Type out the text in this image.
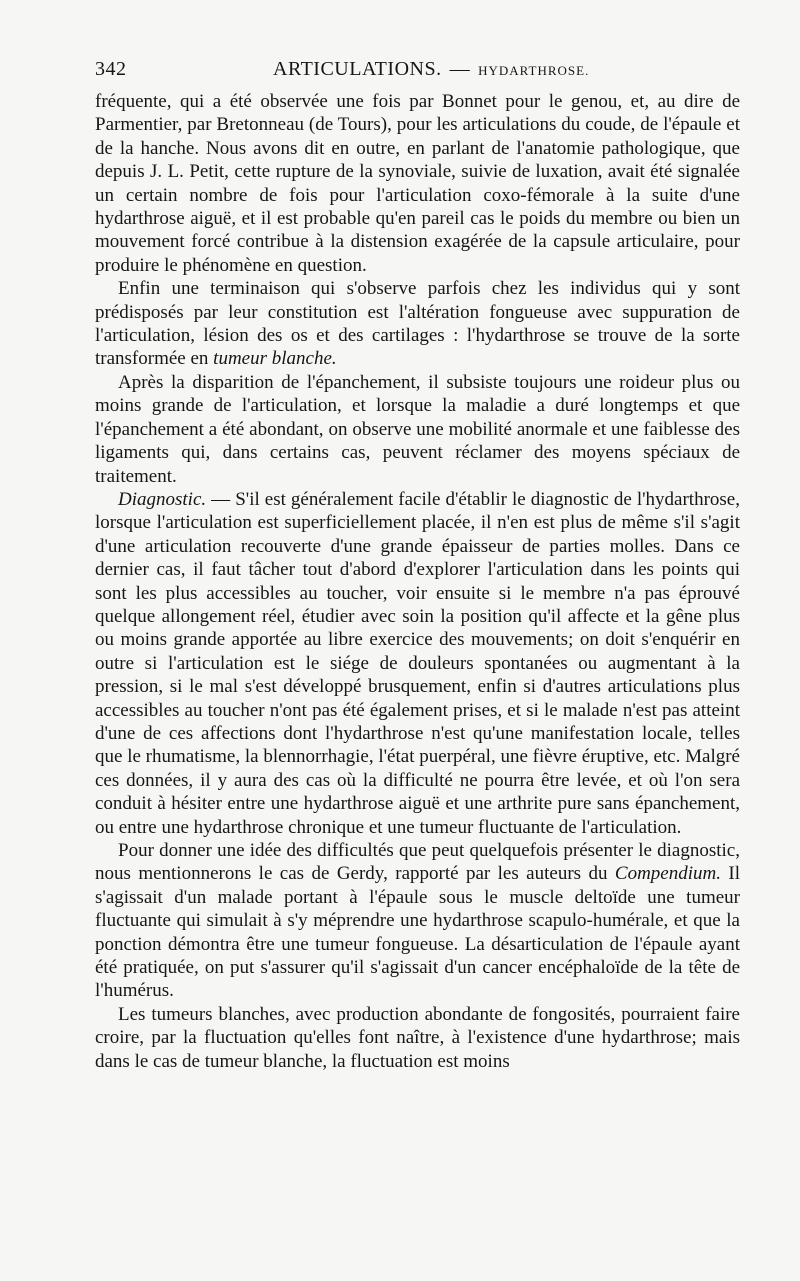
342	ARTICULATIONS. — HYDARTHROSE.

fréquente, qui a été observée une fois par Bonnet pour le genou, et, au dire de Parmentier, par Bretonneau (de Tours), pour les articulations du coude, de l'épaule et de la hanche. Nous avons dit en outre, en parlant de l'anatomie pathologique, que depuis J. L. Petit, cette rupture de la synoviale, suivie de luxation, avait été signalée un certain nombre de fois pour l'articulation coxo-fémorale à la suite d'une hydarthrose aiguë, et il est probable qu'en pareil cas le poids du membre ou bien un mouvement forcé contribue à la distension exagérée de la capsule articulaire, pour produire le phénomène en question.

Enfin une terminaison qui s'observe parfois chez les individus qui y sont prédisposés par leur constitution est l'altération fongueuse avec suppuration de l'articulation, lésion des os et des cartilages : l'hydarthrose se trouve de la sorte transformée en tumeur blanche.

Après la disparition de l'épanchement, il subsiste toujours une roideur plus ou moins grande de l'articulation, et lorsque la maladie a duré longtemps et que l'épanchement a été abondant, on observe une mobilité anormale et une faiblesse des ligaments qui, dans certains cas, peuvent réclamer des moyens spéciaux de traitement.

Diagnostic. — S'il est généralement facile d'établir le diagnostic de l'hydarthrose, lorsque l'articulation est superficiellement placée, il n'en est plus de même s'il s'agit d'une articulation recouverte d'une grande épaisseur de parties molles. Dans ce dernier cas, il faut tâcher tout d'abord d'explorer l'articulation dans les points qui sont les plus accessibles au toucher, voir ensuite si le membre n'a pas éprouvé quelque allongement réel, étudier avec soin la position qu'il affecte et la gêne plus ou moins grande apportée au libre exercice des mouvements; on doit s'enquérir en outre si l'articulation est le siége de douleurs spontanées ou augmentant à la pression, si le mal s'est développé brusquement, enfin si d'autres articulations plus accessibles au toucher n'ont pas été également prises, et si le malade n'est pas atteint d'une de ces affections dont l'hydarthrose n'est qu'une manifestation locale, telles que le rhumatisme, la blennorrhagie, l'état puerpéral, une fièvre éruptive, etc. Malgré ces données, il y aura des cas où la difficulté ne pourra être levée, et où l'on sera conduit à hésiter entre une hydarthrose aiguë et une arthrite pure sans épanchement, ou entre une hydarthrose chronique et une tumeur fluctuante de l'articulation.

Pour donner une idée des difficultés que peut quelquefois présenter le diagnostic, nous mentionnerons le cas de Gerdy, rapporté par les auteurs du Compendium. Il s'agissait d'un malade portant à l'épaule sous le muscle deltoïde une tumeur fluctuante qui simulait à s'y méprendre une hydarthrose scapulo-humérale, et que la ponction démontra être une tumeur fongueuse. La désarticulation de l'épaule ayant été pratiquée, on put s'assurer qu'il s'agissait d'un cancer encéphaloïde de la tête de l'humérus.

Les tumeurs blanches, avec production abondante de fongosités, pourraient faire croire, par la fluctuation qu'elles font naître, à l'existence d'une hydarthrose; mais dans le cas de tumeur blanche, la fluctuation est moins
